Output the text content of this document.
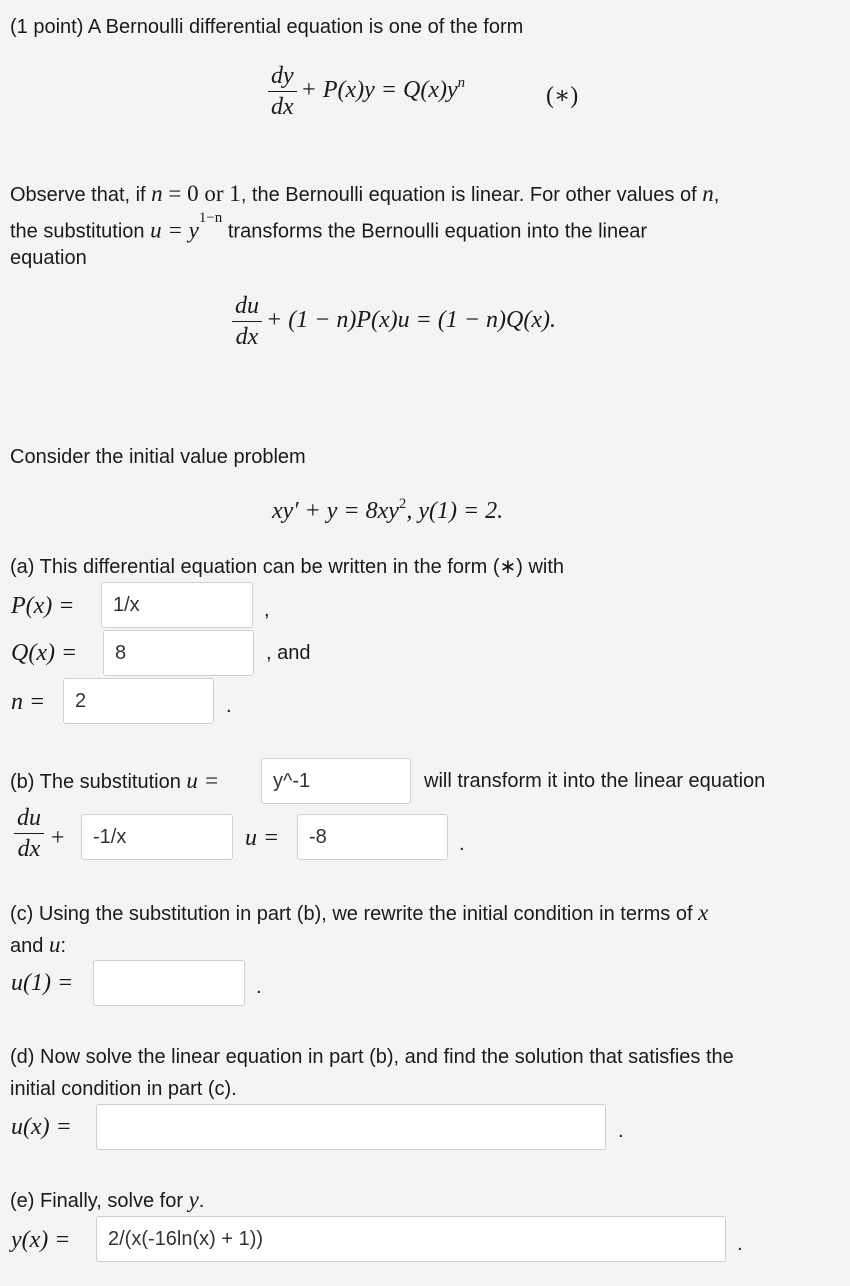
(1 point) A Bernoulli differential equation is one of the form
$\frac{dy}{dx} + P(x)y = Q(x)y^n$	(∗)
Observe that, if n = 0 or 1, the Bernoulli equation is linear. For other values of n,
the substitution $u = y^{1-n}$ transforms the Bernoulli equation into the linear
equation
$\frac{du}{dx} + (1 - n)P(x)u = (1 - n)Q(x)$.
Consider the initial value problem
$xy' + y = 8xy^2$, y(1) = 2.
(a) This differential equation can be written in the form (∗) with
P(x) =
1/x	,
Q(x) =
8	, and
n =
2	.
(b) The substitution u =
y^-1	will transform it into the linear equation
$\frac{du}{dx}$ +
-1/x	u =
-8	.
(c) Using the substitution in part (b), we rewrite the initial condition in terms of x
and u:
u(1) =	.
(d) Now solve the linear equation in part (b), and find the solution that satisfies the
initial condition in part (c).
u(x) =	.
(e) Finally, solve for y.
y(x) =
2/(x(-16ln(x) + 1))	.
